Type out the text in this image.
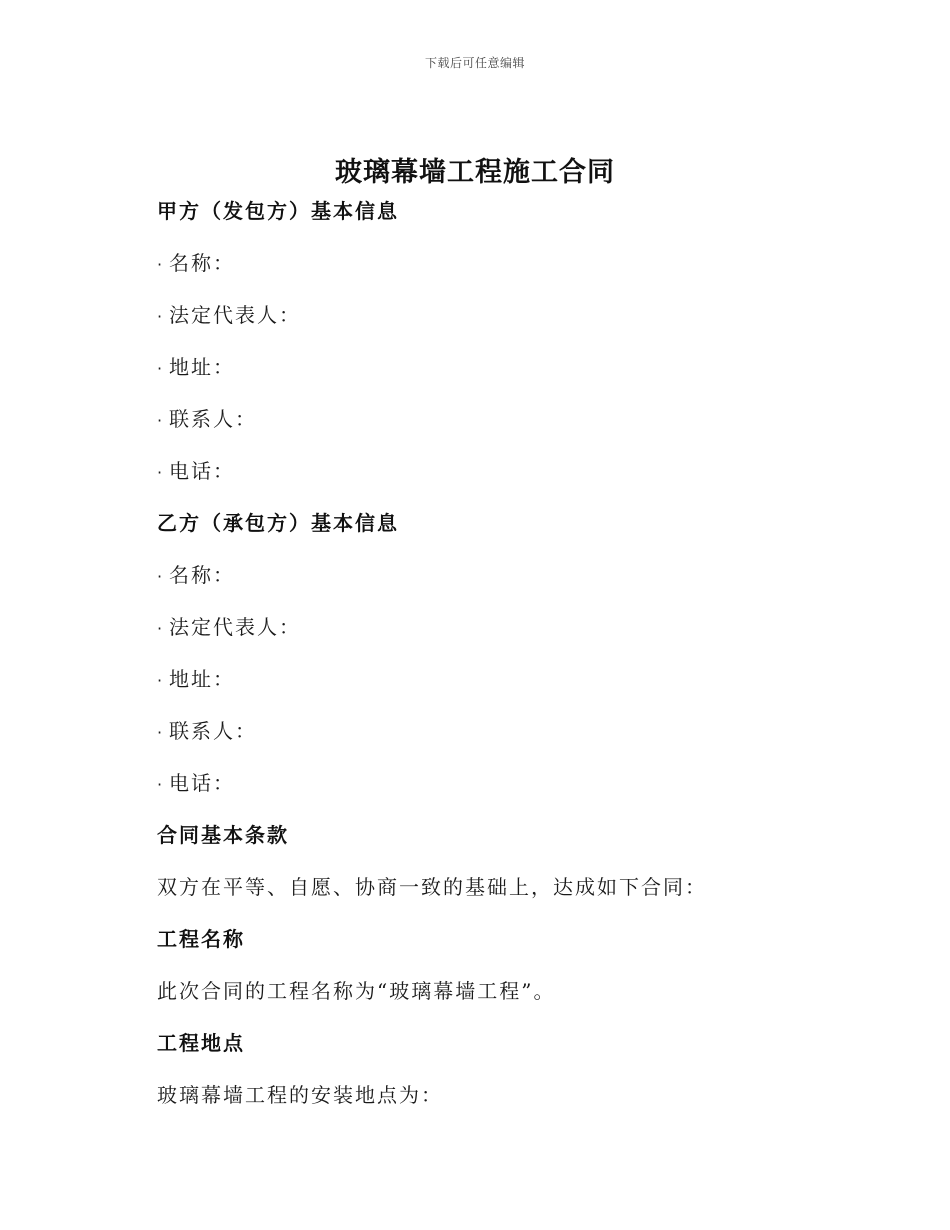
下载后可任意编辑
玻璃幕墙工程施工合同
甲方（发包方）基本信息
· 名称：
· 法定代表人：
· 地址：
· 联系人：
· 电话：
乙方（承包方）基本信息
· 名称：
· 法定代表人：
· 地址：
· 联系人：
· 电话：
合同基本条款
双方在平等、自愿、协商一致的基础上，达成如下合同：
工程名称
此次合同的工程名称为“玻璃幕墙工程”。
工程地点
玻璃幕墙工程的安装地点为：
